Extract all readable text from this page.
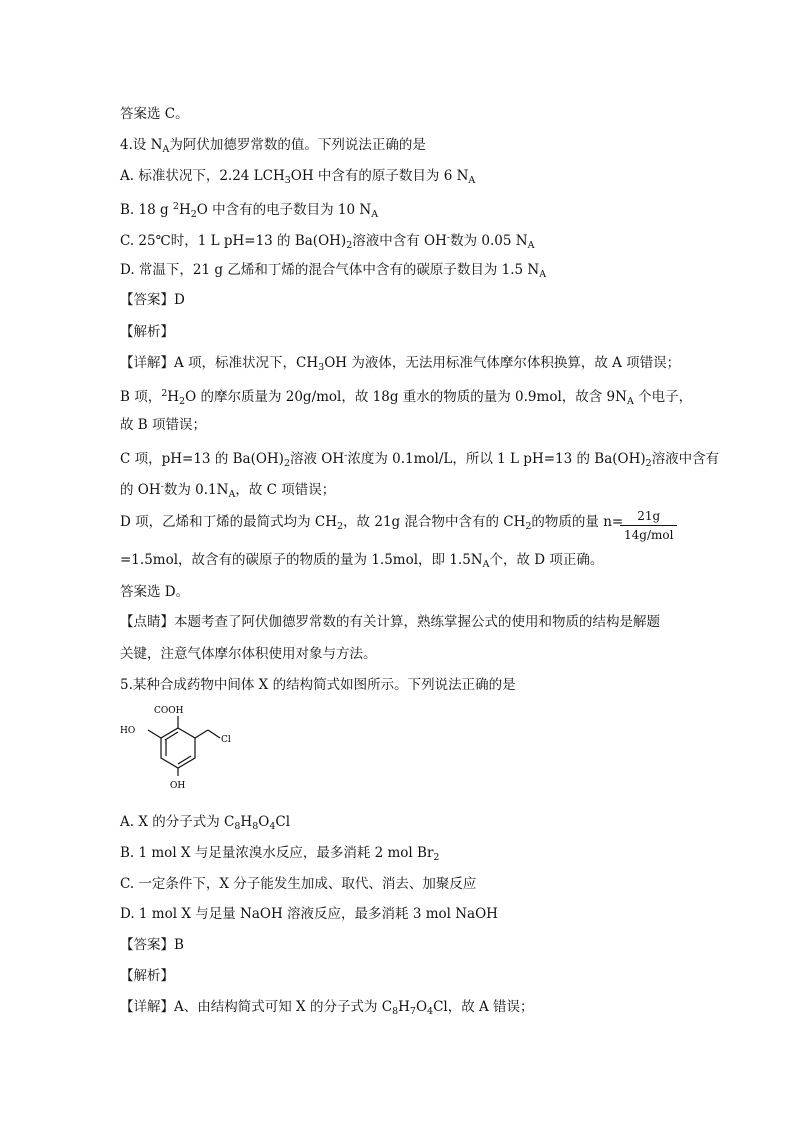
答案选 C。
4.设 $N_A$为阿伏加德罗常数的值。下列说法正确的是
A. 标准状况下，2.24 $LCH_3OH$ 中含有的原子数目为 6 $N_A$
B. 18 g $^2H_2O$ 中含有的电子数目为 10 $N_A$
C. 25℃时，1 L pH=13 的 $Ba(OH)_2$溶液中含有 OH-数为 0.05 $N_A$
D. 常温下，21 g 乙烯和丁烯的混合气体中含有的碳原子数目为 1.5 $N_A$
【答案】D
【解析】
【详解】A 项，标准状况下，$CH_3OH$ 为液体，无法用标准气体摩尔体积换算，故 A 项错误；
B 项，$^2H_2O$ 的摩尔质量为 20g/mol，故 18g 重水的物质的量为 0.9mol，故含 $9N_A$ 个电子，
故 B 项错误；
C 项，pH=13 的 $Ba(OH)_2$溶液 OH-浓度为 0.1mol/L，所以 1 L pH=13 的 $Ba(OH)_2$溶液中含有
的 OH-数为 $0.1N_A$，故 C 项错误；
D 项，乙烯和丁烯的最简式均为 $CH_2$，故 21g 混合物中含有的 $CH_2$的物质的量 n=
=1.5mol，故含有的碳原子的物质的量为 1.5mol，即 $1.5N_A$个，故 D 项正确。
答案选 D。
【点睛】本题考查了阿伏伽德罗常数的有关计算，熟练掌握公式的使用和物质的结构是解题
关键，注意气体摩尔体积使用对象与方法。
5.某种合成药物中间体 X 的结构简式如图所示。下列说法正确的是
A. X 的分子式为 $C_8H_8O_4Cl$
B. 1 mol X 与足量浓溴水反应，最多消耗 2 mol $Br_2$
C. 一定条件下，X 分子能发生加成、取代、消去、加聚反应
D. 1 mol X 与足量 NaOH 溶液反应，最多消耗 3 mol NaOH
【答案】B
【解析】
【详解】A、由结构简式可知 X 的分子式为 $C_8H_7O_4Cl$，故 A 错误；
21g
14g/mol
COOH
HO
Cl
OH
